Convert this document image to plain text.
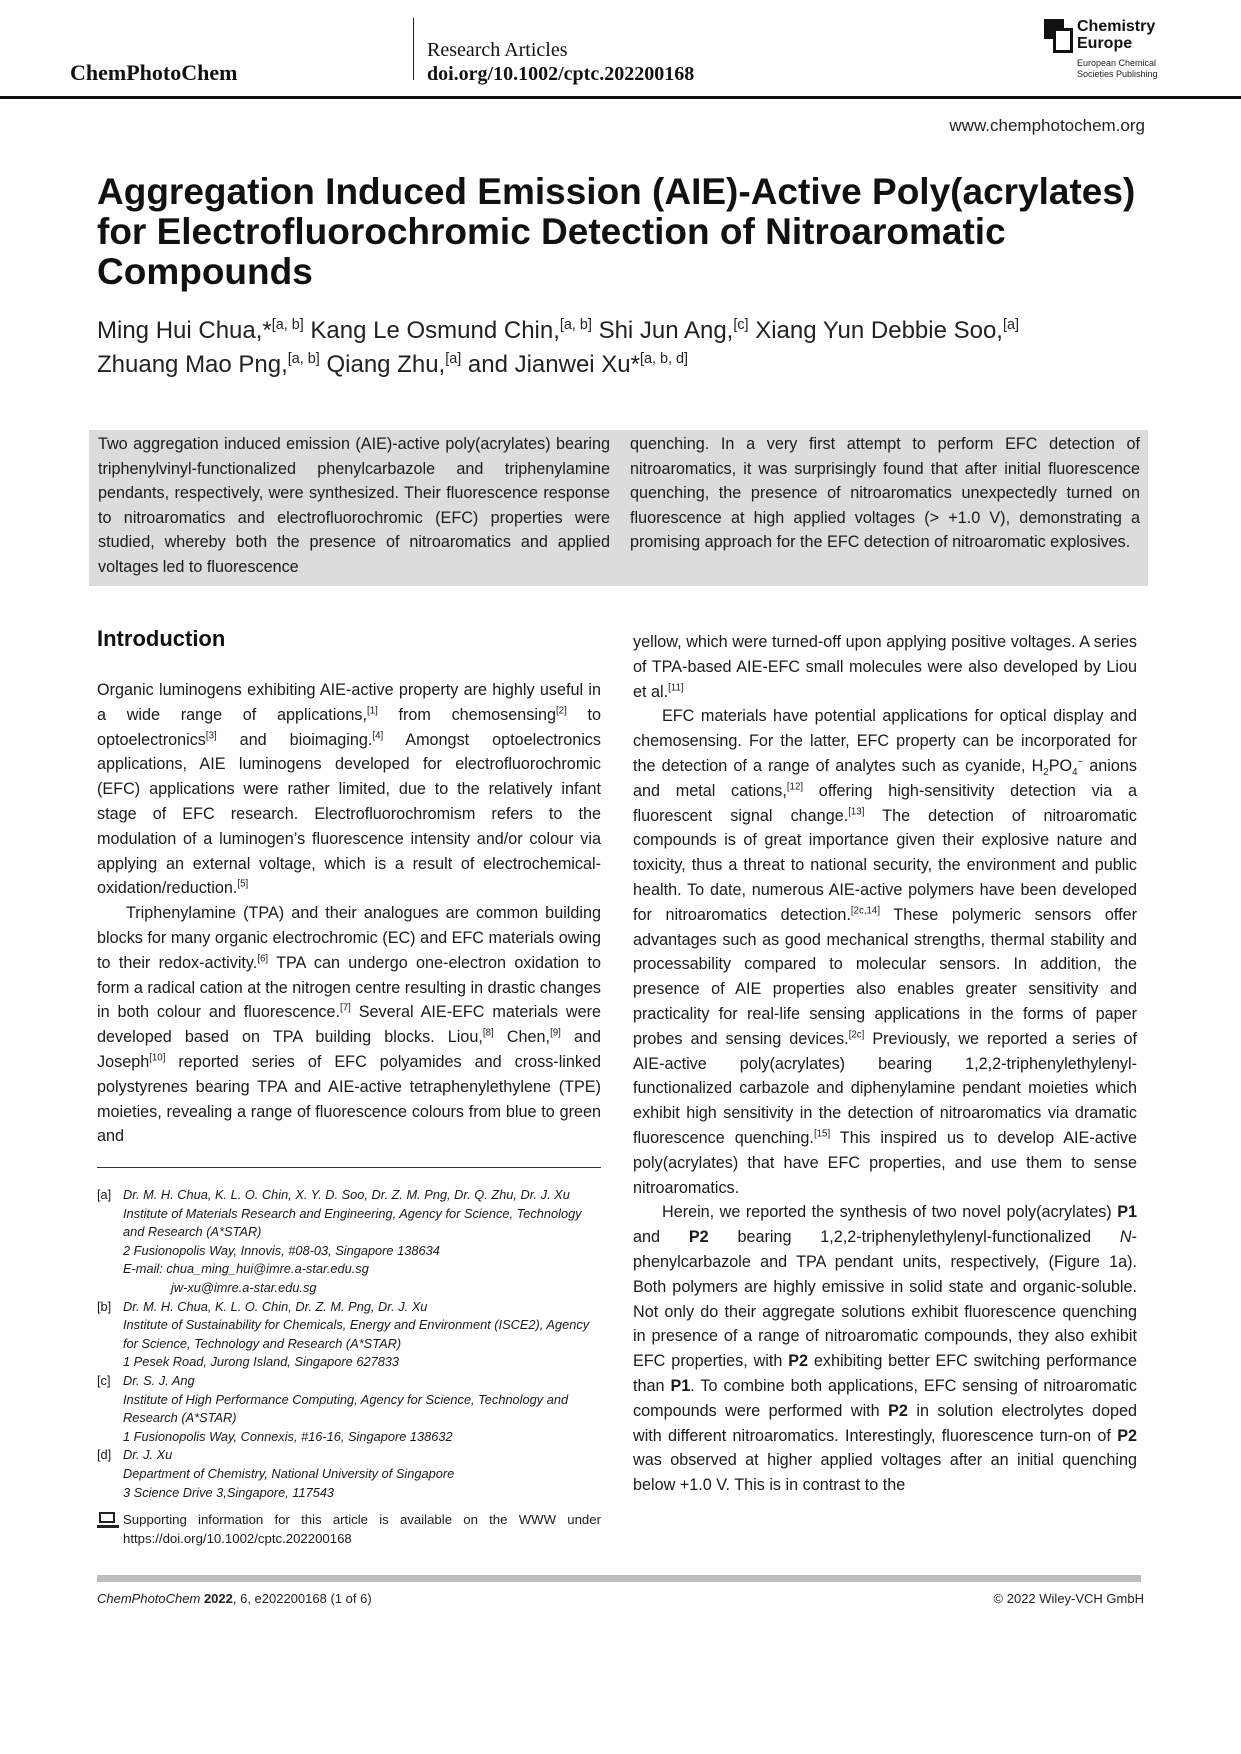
ChemPhotoChem
Research Articles
doi.org/10.1002/cptc.202200168
Chemistry
Europe
European Chemical
Societies Publishing
www.chemphotochem.org
Aggregation Induced Emission (AIE)-Active Poly(acrylates) for Electrofluorochromic Detection of Nitroaromatic Compounds
Ming Hui Chua,*[a, b] Kang Le Osmund Chin,[a, b] Shi Jun Ang,[c] Xiang Yun Debbie Soo,[a]
Zhuang Mao Png,[a, b] Qiang Zhu,[a] and Jianwei Xu*[a, b, d]
Two aggregation induced emission (AIE)-active poly(acrylates) bearing triphenylvinyl-functionalized phenylcarbazole and triphenylamine pendants, respectively, were synthesized. Their fluorescence response to nitroaromatics and electrofluorochromic (EFC) properties were studied, whereby both the presence of nitroaromatics and applied voltages led to fluorescence
quenching. In a very first attempt to perform EFC detection of nitroaromatics, it was surprisingly found that after initial fluorescence quenching, the presence of nitroaromatics unexpectedly turned on fluorescence at high applied voltages (> +1.0 V), demonstrating a promising approach for the EFC detection of nitroaromatic explosives.
Introduction

Organic luminogens exhibiting AIE-active property are highly useful in a wide range of applications,[1] from chemosensing[2] to optoelectronics[3] and bioimaging.[4] Amongst optoelectronics applications, AIE luminogens developed for electrofluorochromic (EFC) applications were rather limited, due to the relatively infant stage of EFC research. Electrofluorochromism refers to the modulation of a luminogen’s fluorescence intensity and/or colour via applying an external voltage, which is a result of electrochemical-oxidation/reduction.[5]

Triphenylamine (TPA) and their analogues are common building blocks for many organic electrochromic (EC) and EFC materials owing to their redox-activity.[6] TPA can undergo one-electron oxidation to form a radical cation at the nitrogen centre resulting in drastic changes in both colour and fluorescence.[7] Several AIE-EFC materials were developed based on TPA building blocks. Liou,[8] Chen,[9] and Joseph[10] reported series of EFC polyamides and cross-linked polystyrenes bearing TPA and AIE-active tetraphenylethylene (TPE) moieties, revealing a range of fluorescence colours from blue to green and

yellow, which were turned-off upon applying positive voltages. A series of TPA-based AIE-EFC small molecules were also developed by Liou et al.[11]

EFC materials have potential applications for optical display and chemosensing. For the latter, EFC property can be incorporated for the detection of a range of analytes such as cyanide, $H_2PO_4^-$ anions and metal cations,[12] offering high-sensitivity detection via a fluorescent signal change.[13] The detection of nitroaromatic compounds is of great importance given their explosive nature and toxicity, thus a threat to national security, the environment and public health. To date, numerous AIE-active polymers have been developed for nitroaromatics detection.[2c,14] These polymeric sensors offer advantages such as good mechanical strengths, thermal stability and processability compared to molecular sensors. In addition, the presence of AIE properties also enables greater sensitivity and practicality for real-life sensing applications in the forms of paper probes and sensing devices.[2c] Previously, we reported a series of AIE-active poly(acrylates) bearing 1,2,2-triphenylethylenyl-functionalized carbazole and diphenylamine pendant moieties which exhibit high sensitivity in the detection of nitroaromatics via dramatic fluorescence quenching.[15] This inspired us to develop AIE-active poly(acrylates) that have EFC properties, and use them to sense nitroaromatics.

Herein, we reported the synthesis of two novel poly(acrylates) P1 and P2 bearing 1,2,2-triphenylethylenyl-functionalized N-phenylcarbazole and TPA pendant units, respectively, (Figure 1a). Both polymers are highly emissive in solid state and organic-soluble. Not only do their aggregate solutions exhibit fluorescence quenching in presence of a range of nitroaromatic compounds, they also exhibit EFC properties, with P2 exhibiting better EFC switching performance than P1. To combine both applications, EFC sensing of nitroaromatic compounds were performed with P2 in solution electrolytes doped with different nitroaromatics. Interestingly, fluorescence turn-on of P2 was observed at higher applied voltages after an initial quenching below +1.0 V. This is in contrast to the

[a] Dr. M. H. Chua, K. L. O. Chin, X. Y. D. Soo, Dr. Z. M. Png, Dr. Q. Zhu, Dr. J. Xu
Institute of Materials Research and Engineering, Agency for Science, Technology and Research (A*STAR)
2 Fusionopolis Way, Innovis, #08-03, Singapore 138634
E-mail: chua_ming_hui@imre.a-star.edu.sg
jw-xu@imre.a-star.edu.sg
[b] Dr. M. H. Chua, K. L. O. Chin, Dr. Z. M. Png, Dr. J. Xu
Institute of Sustainability for Chemicals, Energy and Environment (ISCE2), Agency for Science, Technology and Research (A*STAR)
1 Pesek Road, Jurong Island, Singapore 627833
[c] Dr. S. J. Ang
Institute of High Performance Computing, Agency for Science, Technology and Research (A*STAR)
1 Fusionopolis Way, Connexis, #16-16, Singapore 138632
[d] Dr. J. Xu
Department of Chemistry, National University of Singapore
3 Science Drive 3,Singapore, 117543
Supporting information for this article is available on the WWW under https://doi.org/10.1002/cptc.202200168
ChemPhotoChem 2022, 6, e202200168 (1 of 6)	© 2022 Wiley-VCH GmbH
